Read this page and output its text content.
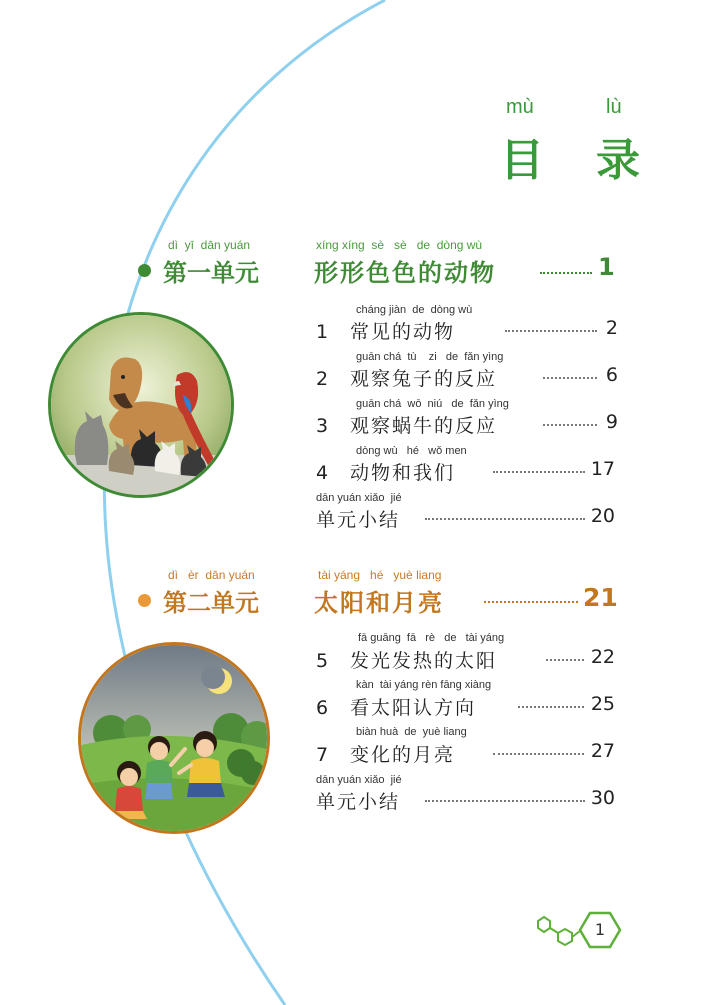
mù	lù
目 录
dì  yī  dān yuán	xíng xíng  sè   sè   de  dòng wù
第一单元 形形色色的动物	1
cháng jiàn  de  dòng wù
1 常见的动物	2
guān chá  tù    zi   de  fǎn yìng
2 观察兔子的反应	6
guān chá  wō  niú   de  fǎn yìng
3 观察蜗牛的反应	9
dòng wù   hé   wǒ men
4 动物和我们	17
dān yuán xiǎo  jié
单元小结	20
dì   èr  dān yuán	tài yáng   hé   yuè liang
第二单元 太阳和月亮	21
fā guāng  fā   rè   de   tài yáng
5 发光发热的太阳	22
kàn  tài yáng rèn fāng xiàng
6 看太阳认方向	25
biàn huà  de  yuè liang
7 变化的月亮	27
dān yuán xiǎo  jié
单元小结	30
1
